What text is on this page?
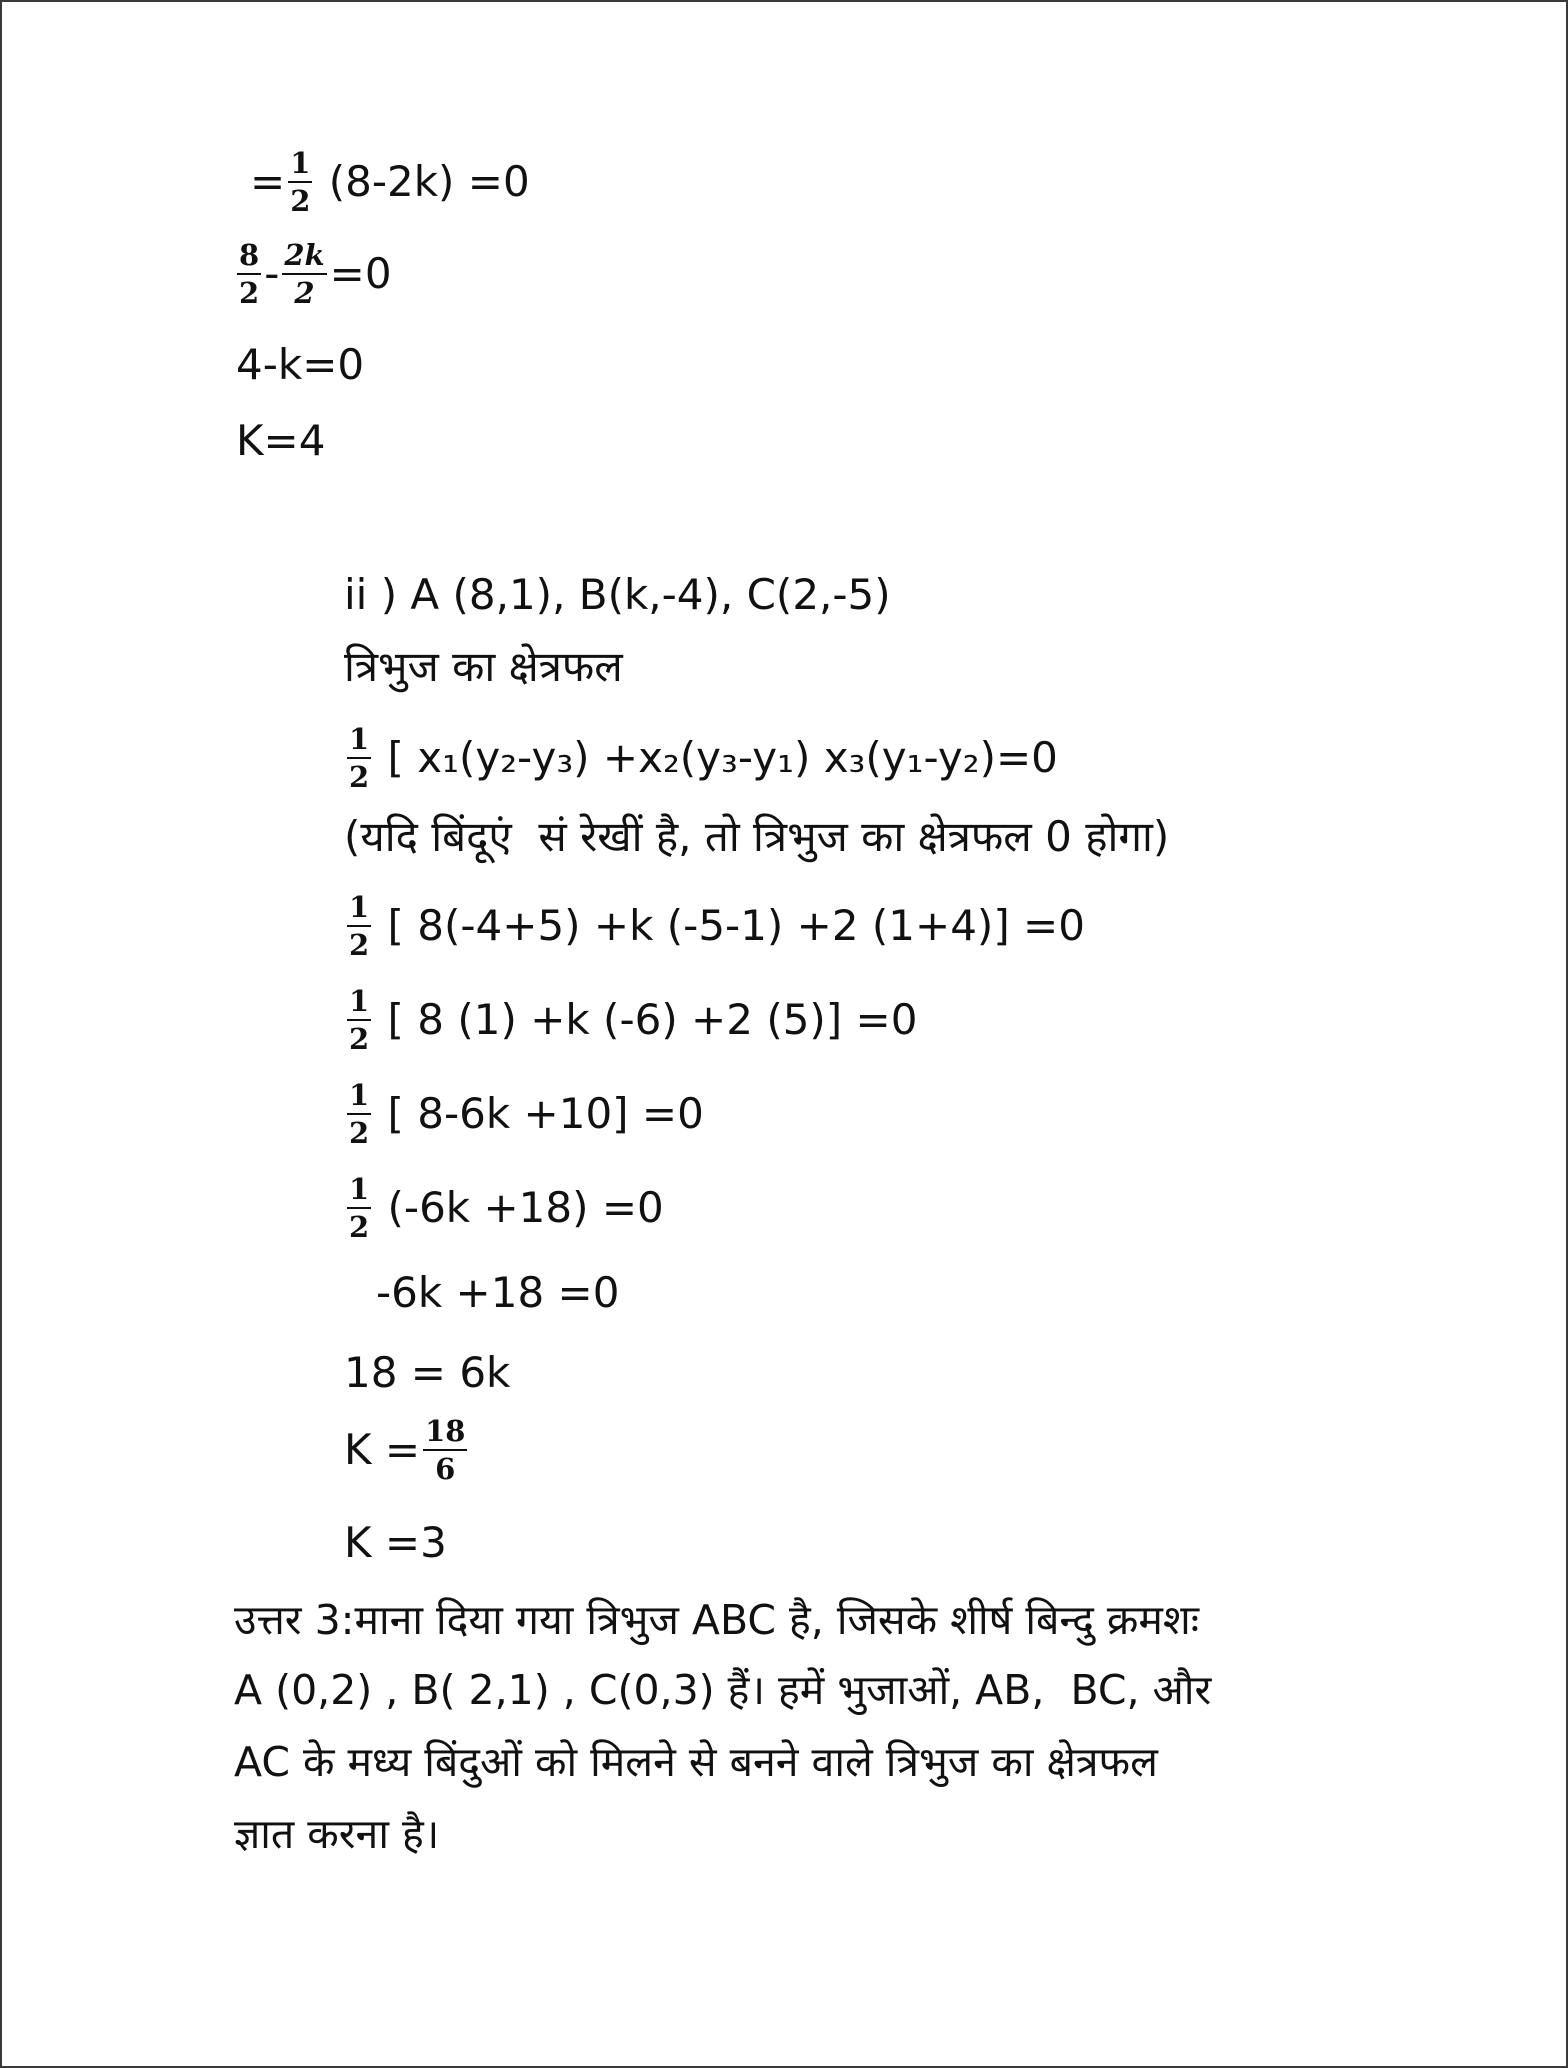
= $\frac{1}{2} (8-2k) =0$
$\frac{8}{2} - \frac{2k}{2} =0$
4-k=0
K=4
ii ) A (8,1), B(k,-4), C(2,-5)
त्रिभुज का क्षेत्रफल
$\frac{1}{2}$ [ x₁(y₂-y₃) +x₂(y₃-y₁) x₃(y₁-y₂)=0
(यदि बिंदूएं  सं रेखीं है, तो त्रिभुज का क्षेत्रफल 0 होगा)
$\frac{1}{2}$ [ 8(-4+5) +k (-5-1) +2 (1+4)] =0
$\frac{1}{2}$ [ 8 (1) +k (-6) +2 (5)] =0
$\frac{1}{2}$ [ 8-6k +10] =0
$\frac{1}{2} (-6k +18) =0$
-6k +18 =0
18 = 6k
$K = \frac{18}{6}$
K =3
उत्तर 3:माना दिया गया त्रिभुज ABC है, जिसके शीर्ष बिन्दु क्रमशः
A (0,2) , B( 2,1) , C(0,3) हैं। हमें भुजाओं, AB,  BC, और
AC के मध्य बिंदुओं को मिलने से बनने वाले त्रिभुज का क्षेत्रफल
ज्ञात करना है।
